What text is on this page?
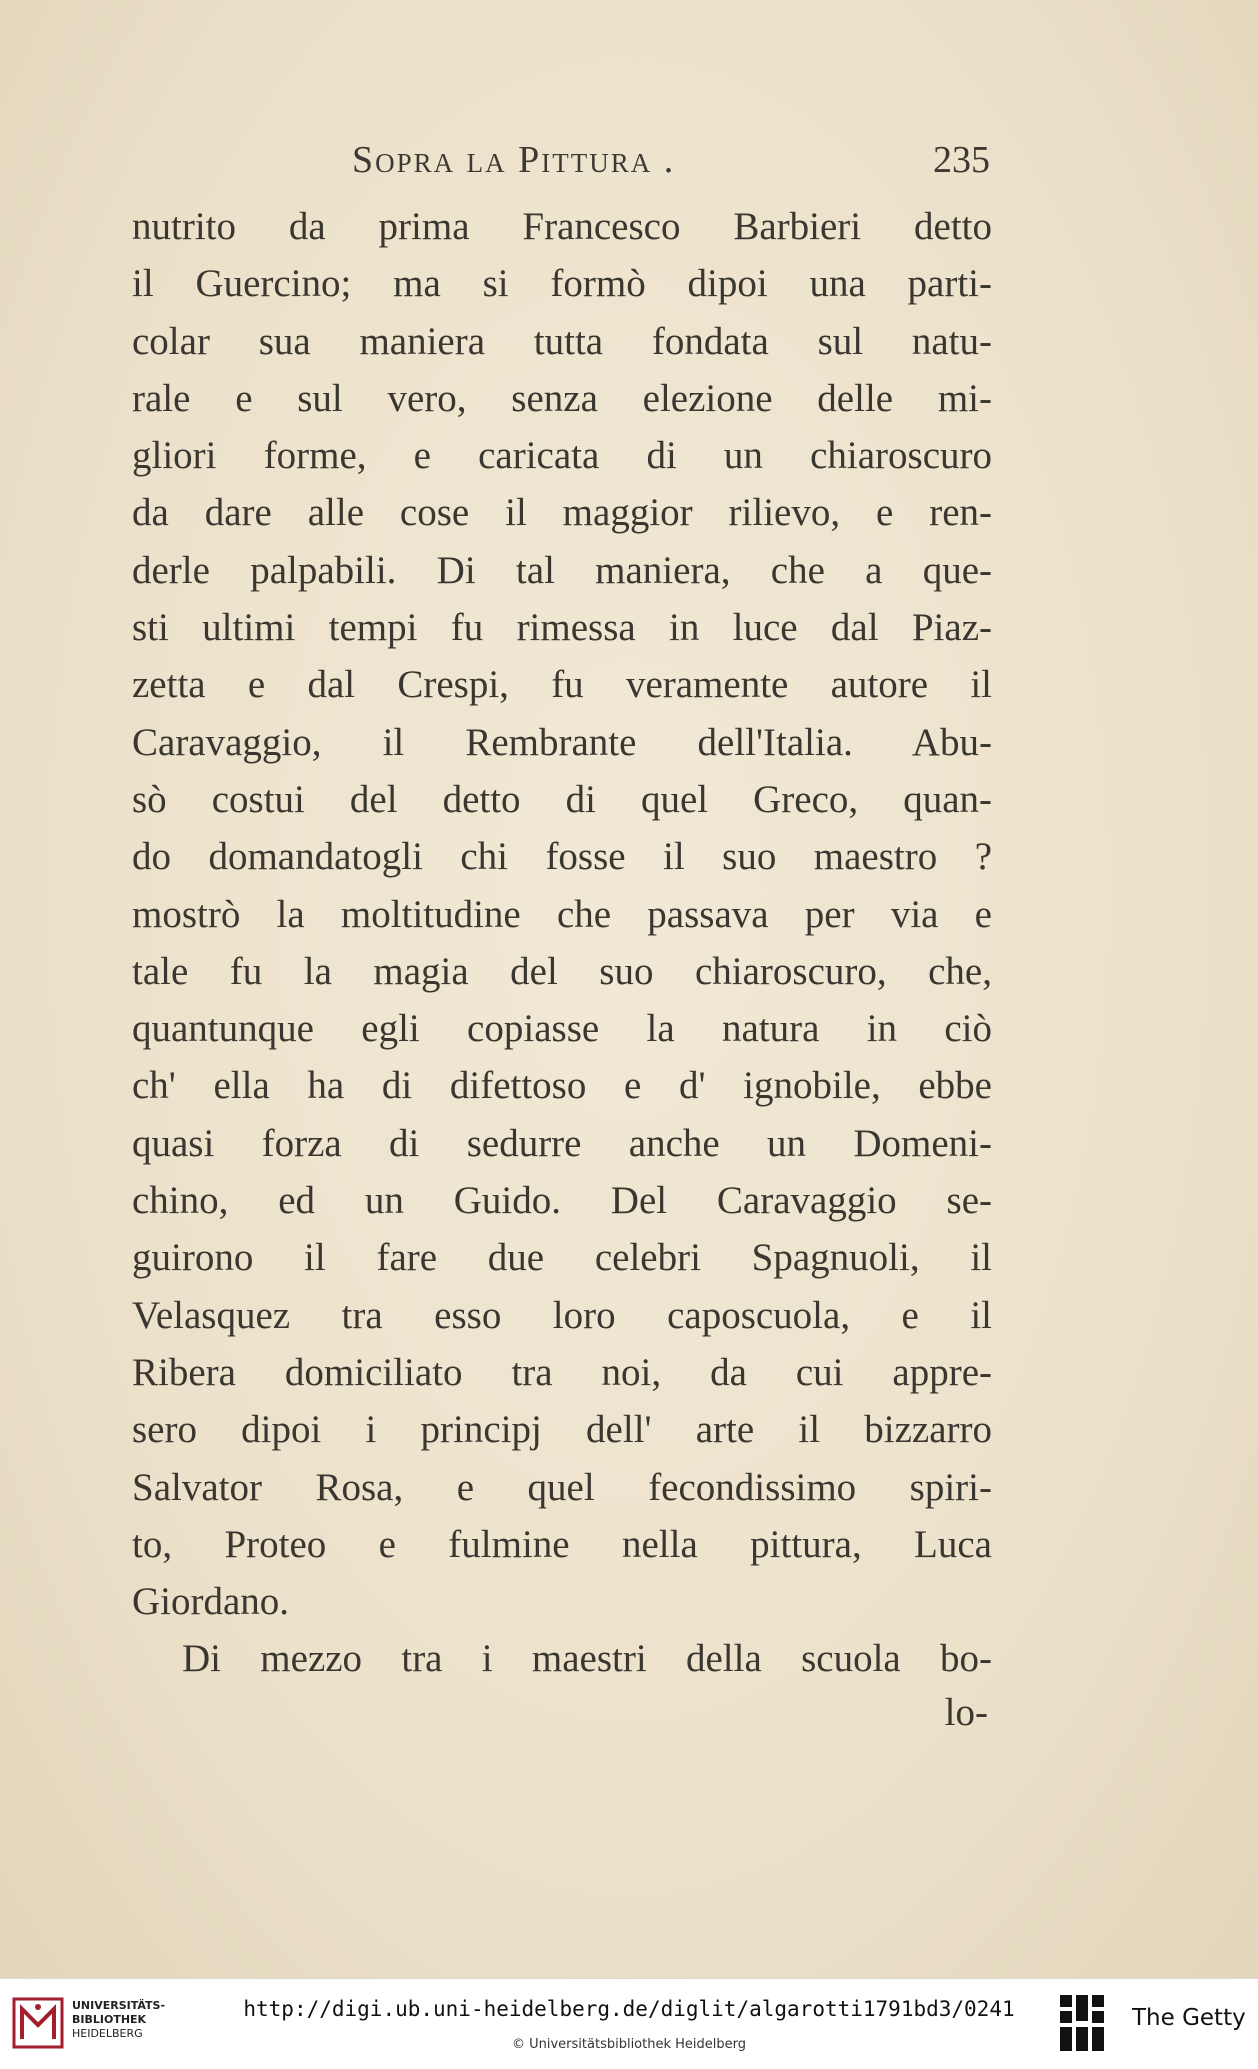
Sopra la Pittura .	235
nutrito da prima Francesco Barbieri detto
il Guercino; ma si formò dipoi una parti-
colar sua maniera tutta fondata sul natu-
rale e sul vero, senza elezione delle mi-
gliori forme, e caricata di un chiaroscuro
da dare alle cose il maggior rilievo, e ren-
derle palpabili. Di tal maniera, che a que-
sti ultimi tempi fu rimessa in luce dal Piaz-
zetta e dal Crespi, fu veramente autore il
Caravaggio, il Rembrante dell'Italia. Abu-
sò costui del detto di quel Greco, quan-
do domandatogli chi fosse il suo maestro ?
mostrò la moltitudine che passava per via e
tale fu la magia del suo chiaroscuro, che,
quantunque egli copiasse la natura in ciò
ch' ella ha di difettoso e d' ignobile, ebbe
quasi forza di sedurre anche un Domeni-
chino, ed un Guido. Del Caravaggio se-
guirono il fare due celebri Spagnuoli, il
Velasquez tra esso loro caposcuola, e il
Ribera domiciliato tra noi, da cui appre-
sero dipoi i principj dell' arte il bizzarro
Salvator Rosa, e quel fecondissimo spiri-
to, Proteo e fulmine nella pittura, Luca
Giordano.
Di mezzo tra i maestri della scuola bo-
lo-
UNIVERSITÄTS-
BIBLIOTHEK
HEIDELBERG
http://digi.ub.uni-heidelberg.de/diglit/algarotti1791bd3/0241
© Universitätsbibliothek Heidelberg
The Getty
